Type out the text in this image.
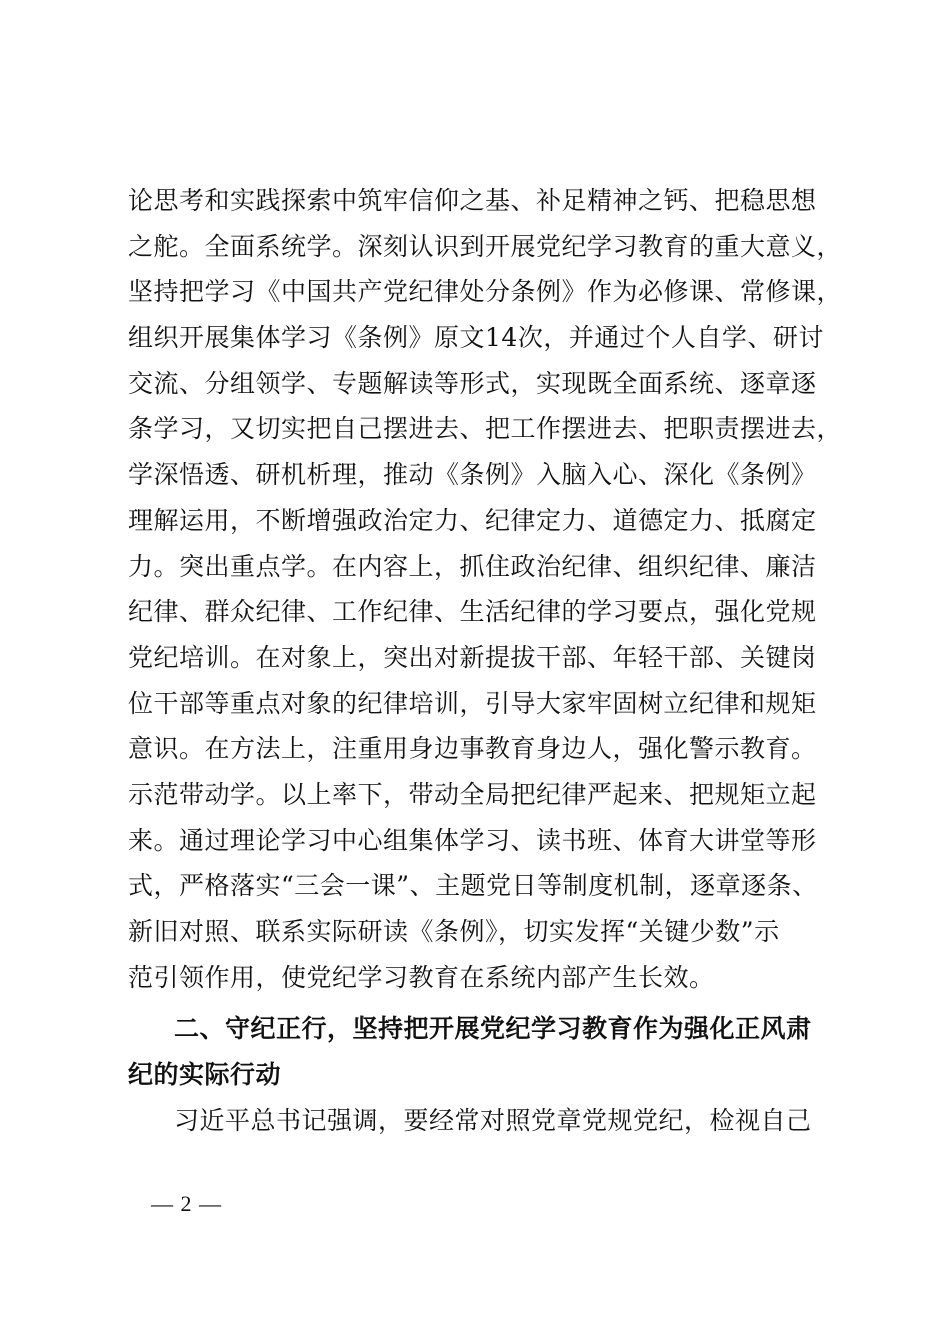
论思考和实践探索中筑牢信仰之基、补足精神之钙、把稳思想
之舵。全面系统学。深刻认识到开展党纪学习教育的重大意义，
坚持把学习《中国共产党纪律处分条例》作为必修课、常修课，
组织开展集体学习《条例》原文14次，并通过个人自学、研讨
交流、分组领学、专题解读等形式，实现既全面系统、逐章逐
条学习，又切实把自己摆进去、把工作摆进去、把职责摆进去，
学深悟透、研机析理，推动《条例》入脑入心、深化《条例》
理解运用，不断增强政治定力、纪律定力、道德定力、抵腐定
力。突出重点学。在内容上，抓住政治纪律、组织纪律、廉洁
纪律、群众纪律、工作纪律、生活纪律的学习要点，强化党规
党纪培训。在对象上，突出对新提拔干部、年轻干部、关键岗
位干部等重点对象的纪律培训，引导大家牢固树立纪律和规矩
意识。在方法上，注重用身边事教育身边人，强化警示教育。
示范带动学。以上率下，带动全局把纪律严起来、把规矩立起
来。通过理论学习中心组集体学习、读书班、体育大讲堂等形
式，严格落实“三会一课”、主题党日等制度机制，逐章逐条、
新旧对照、联系实际研读《条例》，切实发挥“关键少数”示
范引领作用，使党纪学习教育在系统内部产生长效。
二、守纪正行，坚持把开展党纪学习教育作为强化正风肃
纪的实际行动
习近平总书记强调，要经常对照党章党规党纪，检视自己
— 2 —
